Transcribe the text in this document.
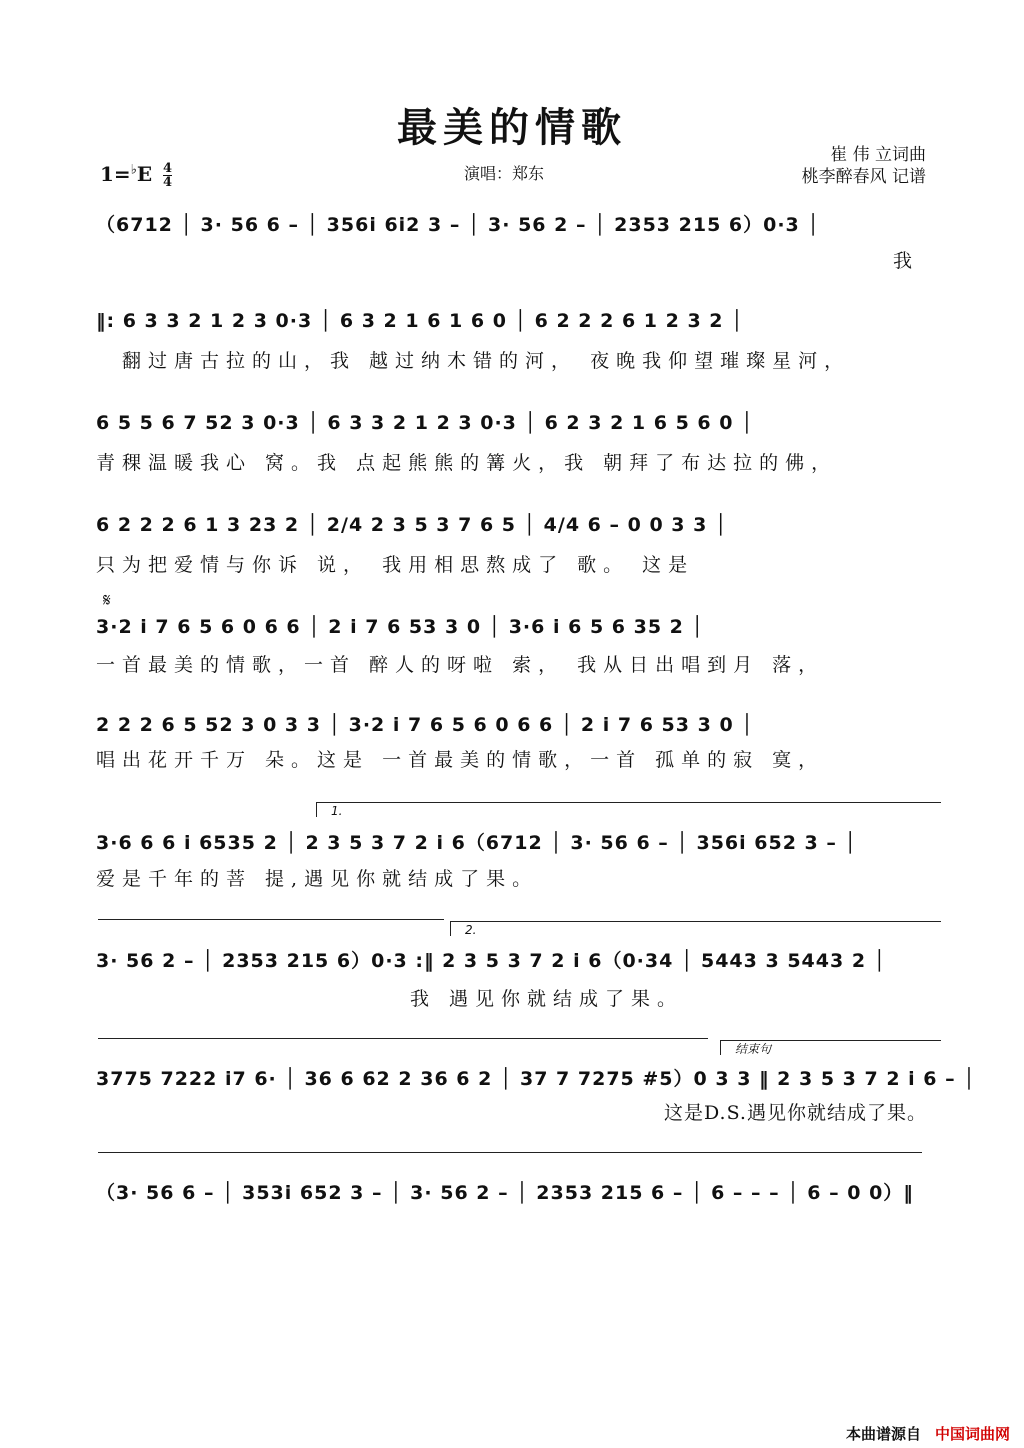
最美的情歌
崔 伟 立词曲
桃李醉春风 记谱
$1=^♭E \frac{4}{4}$	演唱：郑东
（6712 │ 3· 56 6 – │ 356i 6i2 3 – │ 3· 56 2 – │ 2353 215 6）0·3 │
我
‖: 6 3 3 2 1 2 3 0·3 │ 6 3 2 1 6 1 6 0 │ 6 2 2 2 6 1 2 3 2 │
翻过唐古拉的山，我 越过纳木错的河， 夜晚我仰望璀璨星河，
6 5 5 6 7 52 3 0·3 │ 6 3 3 2 1 2 3 0·3 │ 6 2 3 2 1 6 5 6 0 │
青稞温暖我心 窝。我 点起熊熊的篝火，我 朝拜了布达拉的佛，
6 2 2 2 6 1 3 23 2 │ 2/4 2 3 5 3 7 6 5 │ 4/4 6 – 0 0 3 3 │
只为把爱情与你诉 说， 我用相思熬成了 歌。 这是
𝄋
3·2 i 7 6 5 6 0 6 6 │ 2 i 7 6 53 3 0 │ 3·6 i 6 5 6 35 2 │
一首最美的情歌，一首 醉人的呀啦 索， 我从日出唱到月 落，
2 2 2 6 5 52 3 0 3 3 │ 3·2 i 7 6 5 6 0 6 6 │ 2 i 7 6 53 3 0 │
唱出花开千万 朵。这是 一首最美的情歌，一首 孤单的寂 寞，
1.
3·6 6 6 i 6535 2 │ 2 3 5 3 7 2 i 6（6712 │ 3· 56 6 – │ 356i 652 3 – │
爱是千年的菩 提,遇见你就结成了果。
2.
3· 56 2 – │ 2353 215 6）0·3 :‖ 2 3 5 3 7 2 i 6（0·34 │ 5443 3 5443 2 │
我 遇见你就结成了果。
结束句
3775 7222 i7 6· │ 36 6 62 2 36 6 2 │ 37 7 7275 #5）0 3 3 ‖ 2 3 5 3 7 2 i 6 – │
这是D.S.遇见你就结成了果。
（3· 56 6 – │ 353i 652 3 – │ 3· 56 2 – │ 2353 215 6 – │ 6 – – – │ 6 – 0 0）‖
本曲谱源自 中国词曲网
